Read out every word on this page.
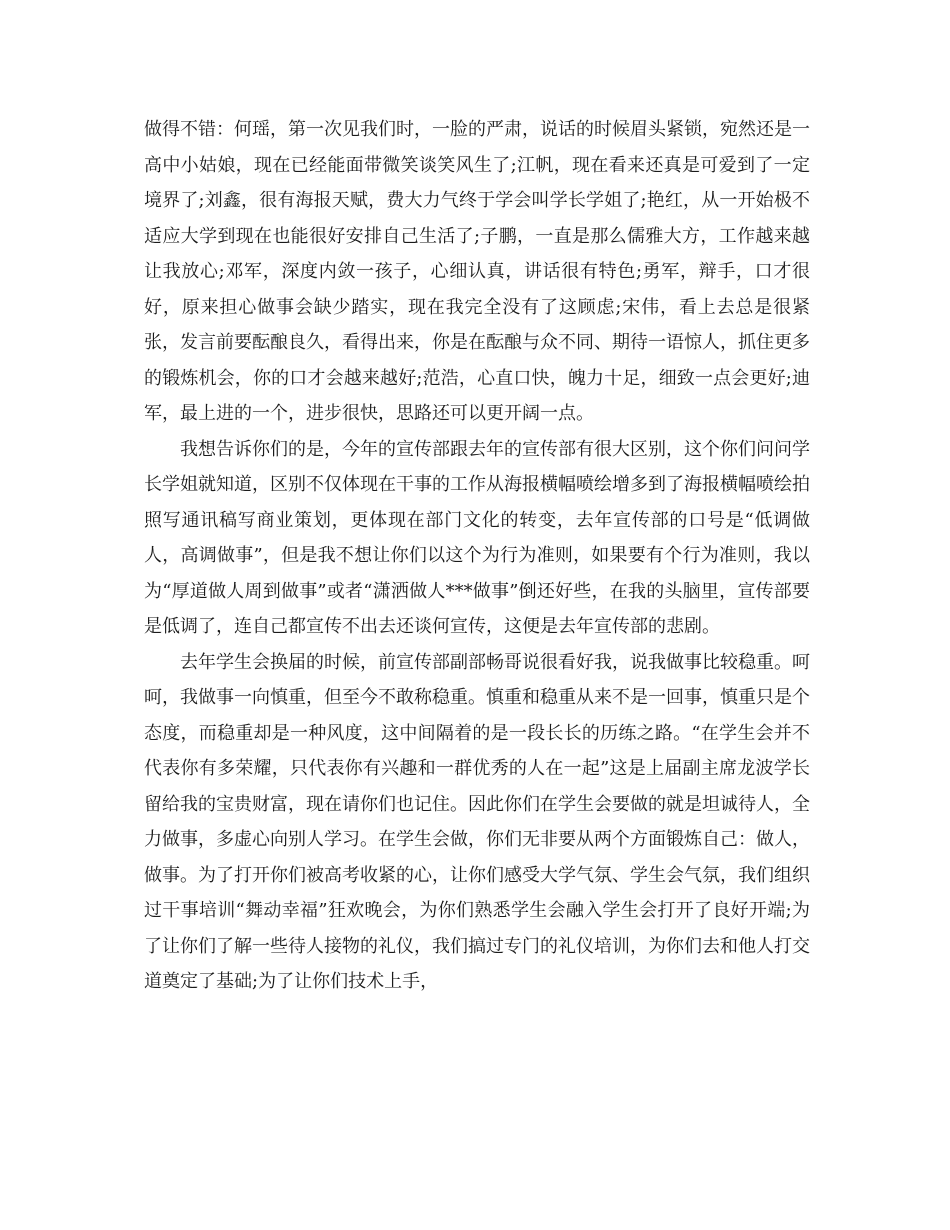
做得不错：何瑶，第一次见我们时，一脸的严肃，说话的时候眉头紧锁，宛然还是一高中小姑娘，现在已经能面带微笑谈笑风生了;江帆，现在看来还真是可爱到了一定境界了;刘鑫，很有海报天赋，费大力气终于学会叫学长学姐了;艳红，从一开始极不适应大学到现在也能很好安排自己生活了;子鹏，一直是那么儒雅大方，工作越来越让我放心;邓军，深度内敛一孩子，心细认真，讲话很有特色;勇军，辩手，口才很好，原来担心做事会缺少踏实，现在我完全没有了这顾虑;宋伟，看上去总是很紧张，发言前要酝酿良久，看得出来，你是在酝酿与众不同、期待一语惊人，抓住更多的锻炼机会，你的口才会越来越好;范浩，心直口快，魄力十足，细致一点会更好;迪军，最上进的一个，进步很快，思路还可以更开阔一点。

我想告诉你们的是，今年的宣传部跟去年的宣传部有很大区别，这个你们问问学长学姐就知道，区别不仅体现在干事的工作从海报横幅喷绘增多到了海报横幅喷绘拍照写通讯稿写商业策划，更体现在部门文化的转变，去年宣传部的口号是“低调做人，高调做事”，但是我不想让你们以这个为行为准则，如果要有个行为准则，我以为“厚道做人周到做事”或者“潇洒做人***做事”倒还好些，在我的头脑里，宣传部要是低调了，连自己都宣传不出去还谈何宣传，这便是去年宣传部的悲剧。

去年学生会换届的时候，前宣传部副部畅哥说很看好我，说我做事比较稳重。呵呵，我做事一向慎重，但至今不敢称稳重。慎重和稳重从来不是一回事，慎重只是个态度，而稳重却是一种风度，这中间隔着的是一段长长的历练之路。“在学生会并不代表你有多荣耀，只代表你有兴趣和一群优秀的人在一起”这是上届副主席龙波学长留给我的宝贵财富，现在请你们也记住。因此你们在学生会要做的就是坦诚待人，全力做事，多虚心向别人学习。在学生会做，你们无非要从两个方面锻炼自己：做人，做事。为了打开你们被高考收紧的心，让你们感受大学气氛、学生会气氛，我们组织过干事培训“舞动幸福”狂欢晚会，为你们熟悉学生会融入学生会打开了良好开端;为了让你们了解一些待人接物的礼仪，我们搞过专门的礼仪培训，为你们去和他人打交道奠定了基础;为了让你们技术上手，
